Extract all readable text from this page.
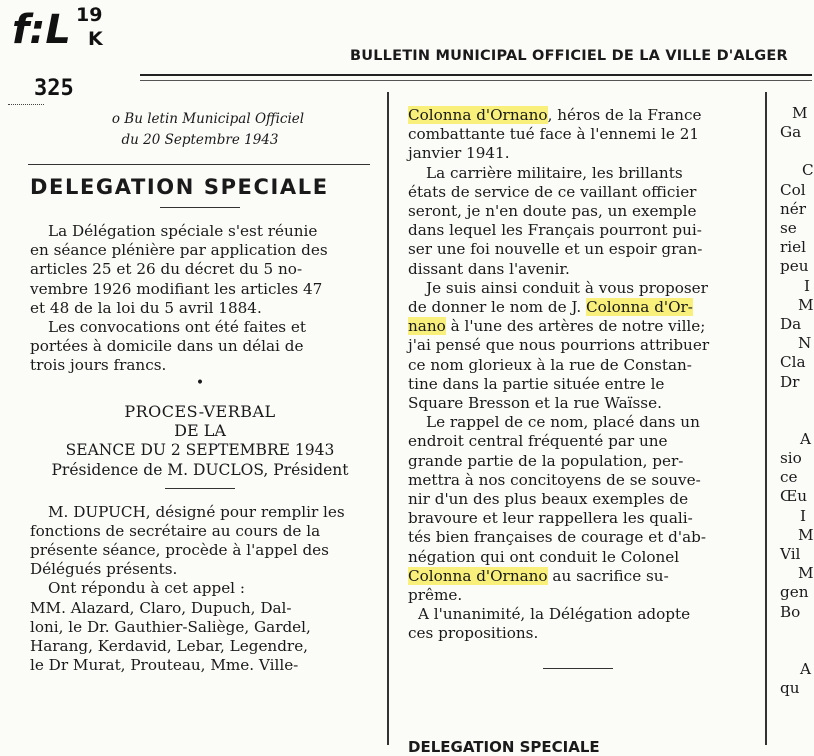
f:L 19
K
325
BULLETIN MUNICIPAL OFFICIEL DE LA VILLE D'ALGER
o Bu letin Municipal Officiel
du 20 Septembre 1943
DELEGATION SPECIALE
La Délégation spéciale s'est réunie
en séance plénière par application des
articles 25 et 26 du décret du 5 no-
vembre 1926 modifiant les articles 47
et 48 de la loi du 5 avril 1884.
Les convocations ont été faites et
portées à domicile dans un délai de
trois jours francs.
•
PROCES-VERBAL
DE LA
SEANCE DU 2 SEPTEMBRE 1943
Présidence de M. DUCLOS, Président
M. DUPUCH, désigné pour remplir les
fonctions de secrétaire au cours de la
présente séance, procède à l'appel des
Délégués présents.
Ont répondu à cet appel :
MM. Alazard, Claro, Dupuch, Dal-
loni, le Dr. Gauthier-Saliège, Gardel,
Harang, Kerdavid, Lebar, Legendre,
le Dr Murat, Prouteau, Mme. Ville-
Colonna d'Ornano, héros de la France
combattante tué face à l'ennemi le 21
janvier 1941.
La carrière militaire, les brillants
états de service de ce vaillant officier
seront, je n'en doute pas, un exemple
dans lequel les Français pourront pui-
ser une foi nouvelle et un espoir gran-
dissant dans l'avenir.
Je suis ainsi conduit à vous proposer
de donner le nom de J. Colonna d'Or-
nano à l'une des artères de notre ville;
j'ai pensé que nous pourrions attribuer
ce nom glorieux à la rue de Constan-
tine dans la partie située entre le
Square Bresson et la rue Waïsse.
Le rappel de ce nom, placé dans un
endroit central fréquenté par une
grande partie de la population, per-
mettra à nos concitoyens de se souve-
nir d'un des plus beaux exemples de
bravoure et leur rappellera les quali-
tés bien françaises de courage et d'ab-
négation qui ont conduit le Colonel
Colonna d'Ornano au sacrifice su-
prême.
A l'unanimité, la Délégation adopte
ces propositions.
DELEGATION SPECIALE
M
Ga
C
Col
nér
se
riel
peu
I
M
Da
N
Cla
Dr
A
sio
ce
Œu
I
M
Vil
M
gen
Bo
A
qu
